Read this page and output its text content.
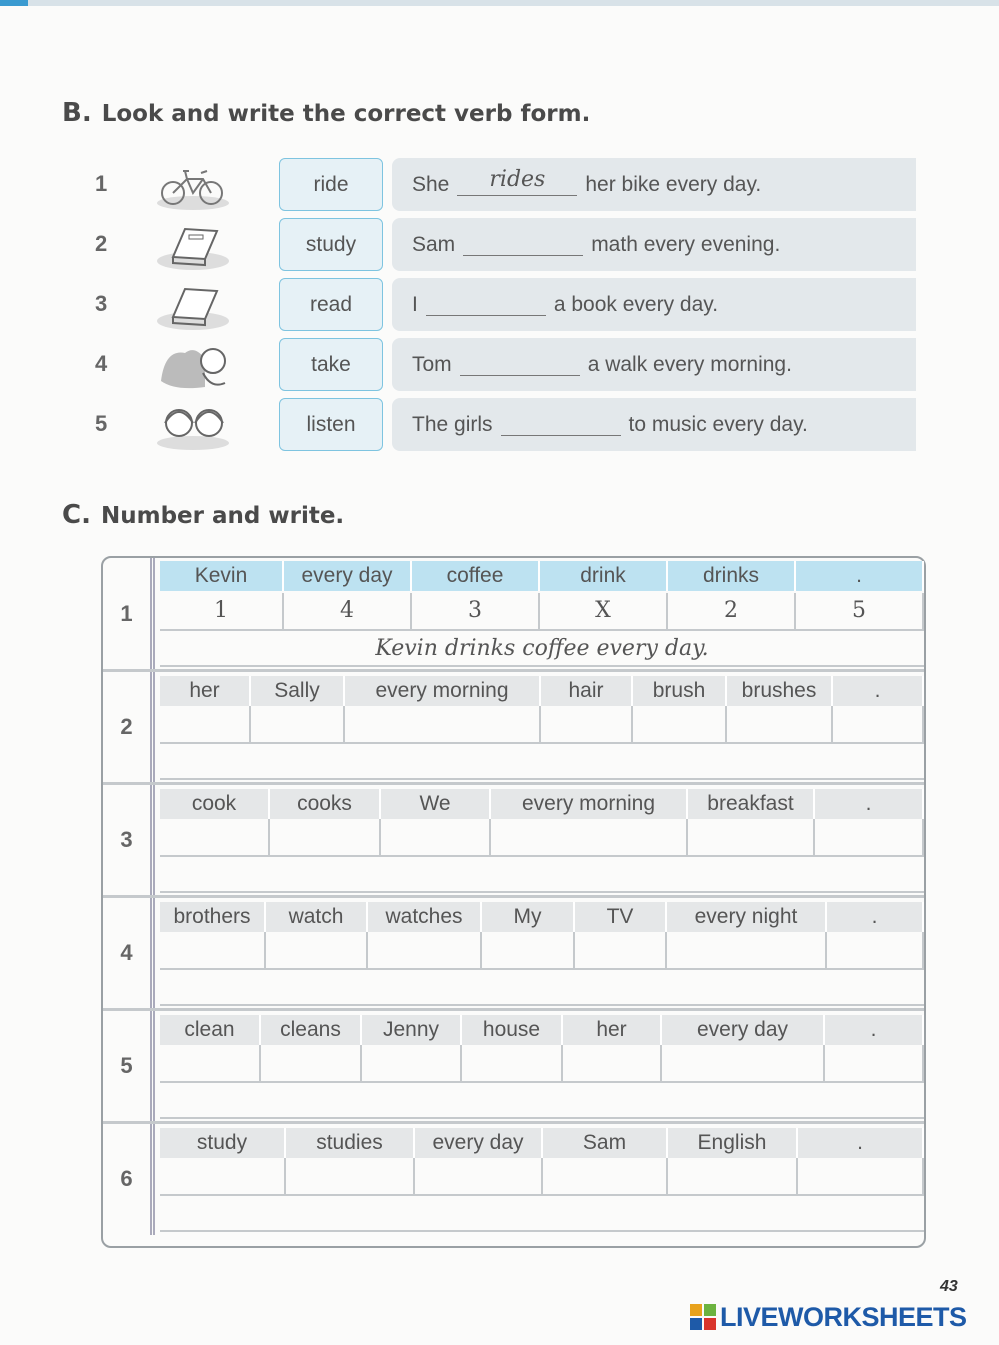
B. Look and write the correct verb form.
1	ride	She	rides	her bike every day.
2	study	Sam	math every evening.
3	read	I	a book every day.
4	take	Tom	a walk every morning.
5	listen	The girls	to music every day.
C. Number and write.
1
Kevin	every day	coffee	drink	drinks	.
1	4	3	X	2	5
Kevin drinks coffee every day.
2
her	Sally	every morning	hair	brush	brushes	.
3
cook	cooks	We	every morning	breakfast	.
4
brothers	watch	watches	My	TV	every night	.
5
clean	cleans	Jenny	house	her	every day	.
6
study	studies	every day	Sam	English	.
43
LIVEWORKSHEETS
